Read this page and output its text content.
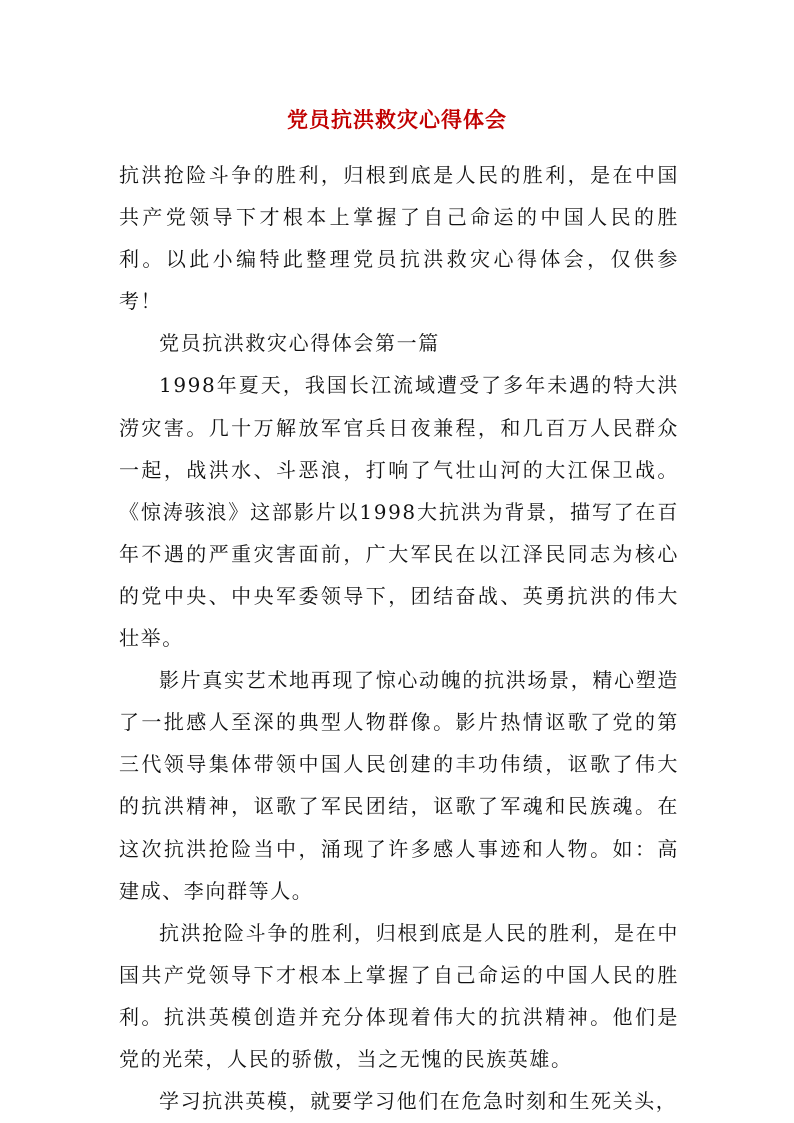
党员抗洪救灾心得体会

抗洪抢险斗争的胜利，归根到底是人民的胜利，是在中国共产党领导下才根本上掌握了自己命运的中国人民的胜利。以此小编特此整理党员抗洪救灾心得体会，仅供参考！

党员抗洪救灾心得体会第一篇

1998年夏天，我国长江流域遭受了多年未遇的特大洪涝灾害。几十万解放军官兵日夜兼程，和几百万人民群众一起，战洪水、斗恶浪，打响了气壮山河的大江保卫战。《惊涛骇浪》这部影片以1998大抗洪为背景，描写了在百年不遇的严重灾害面前，广大军民在以江泽民同志为核心的党中央、中央军委领导下，团结奋战、英勇抗洪的伟大壮举。

影片真实艺术地再现了惊心动魄的抗洪场景，精心塑造了一批感人至深的典型人物群像。影片热情讴歌了党的第三代领导集体带领中国人民创建的丰功伟绩，讴歌了伟大的抗洪精神，讴歌了军民团结，讴歌了军魂和民族魂。在这次抗洪抢险当中，涌现了许多感人事迹和人物。如：高建成、李向群等人。

抗洪抢险斗争的胜利，归根到底是人民的胜利，是在中国共产党领导下才根本上掌握了自己命运的中国人民的胜利。抗洪英模创造并充分体现着伟大的抗洪精神。他们是党的光荣，人民的骄傲，当之无愧的民族英雄。

学习抗洪英模，就要学习他们在危急时刻和生死关头，
